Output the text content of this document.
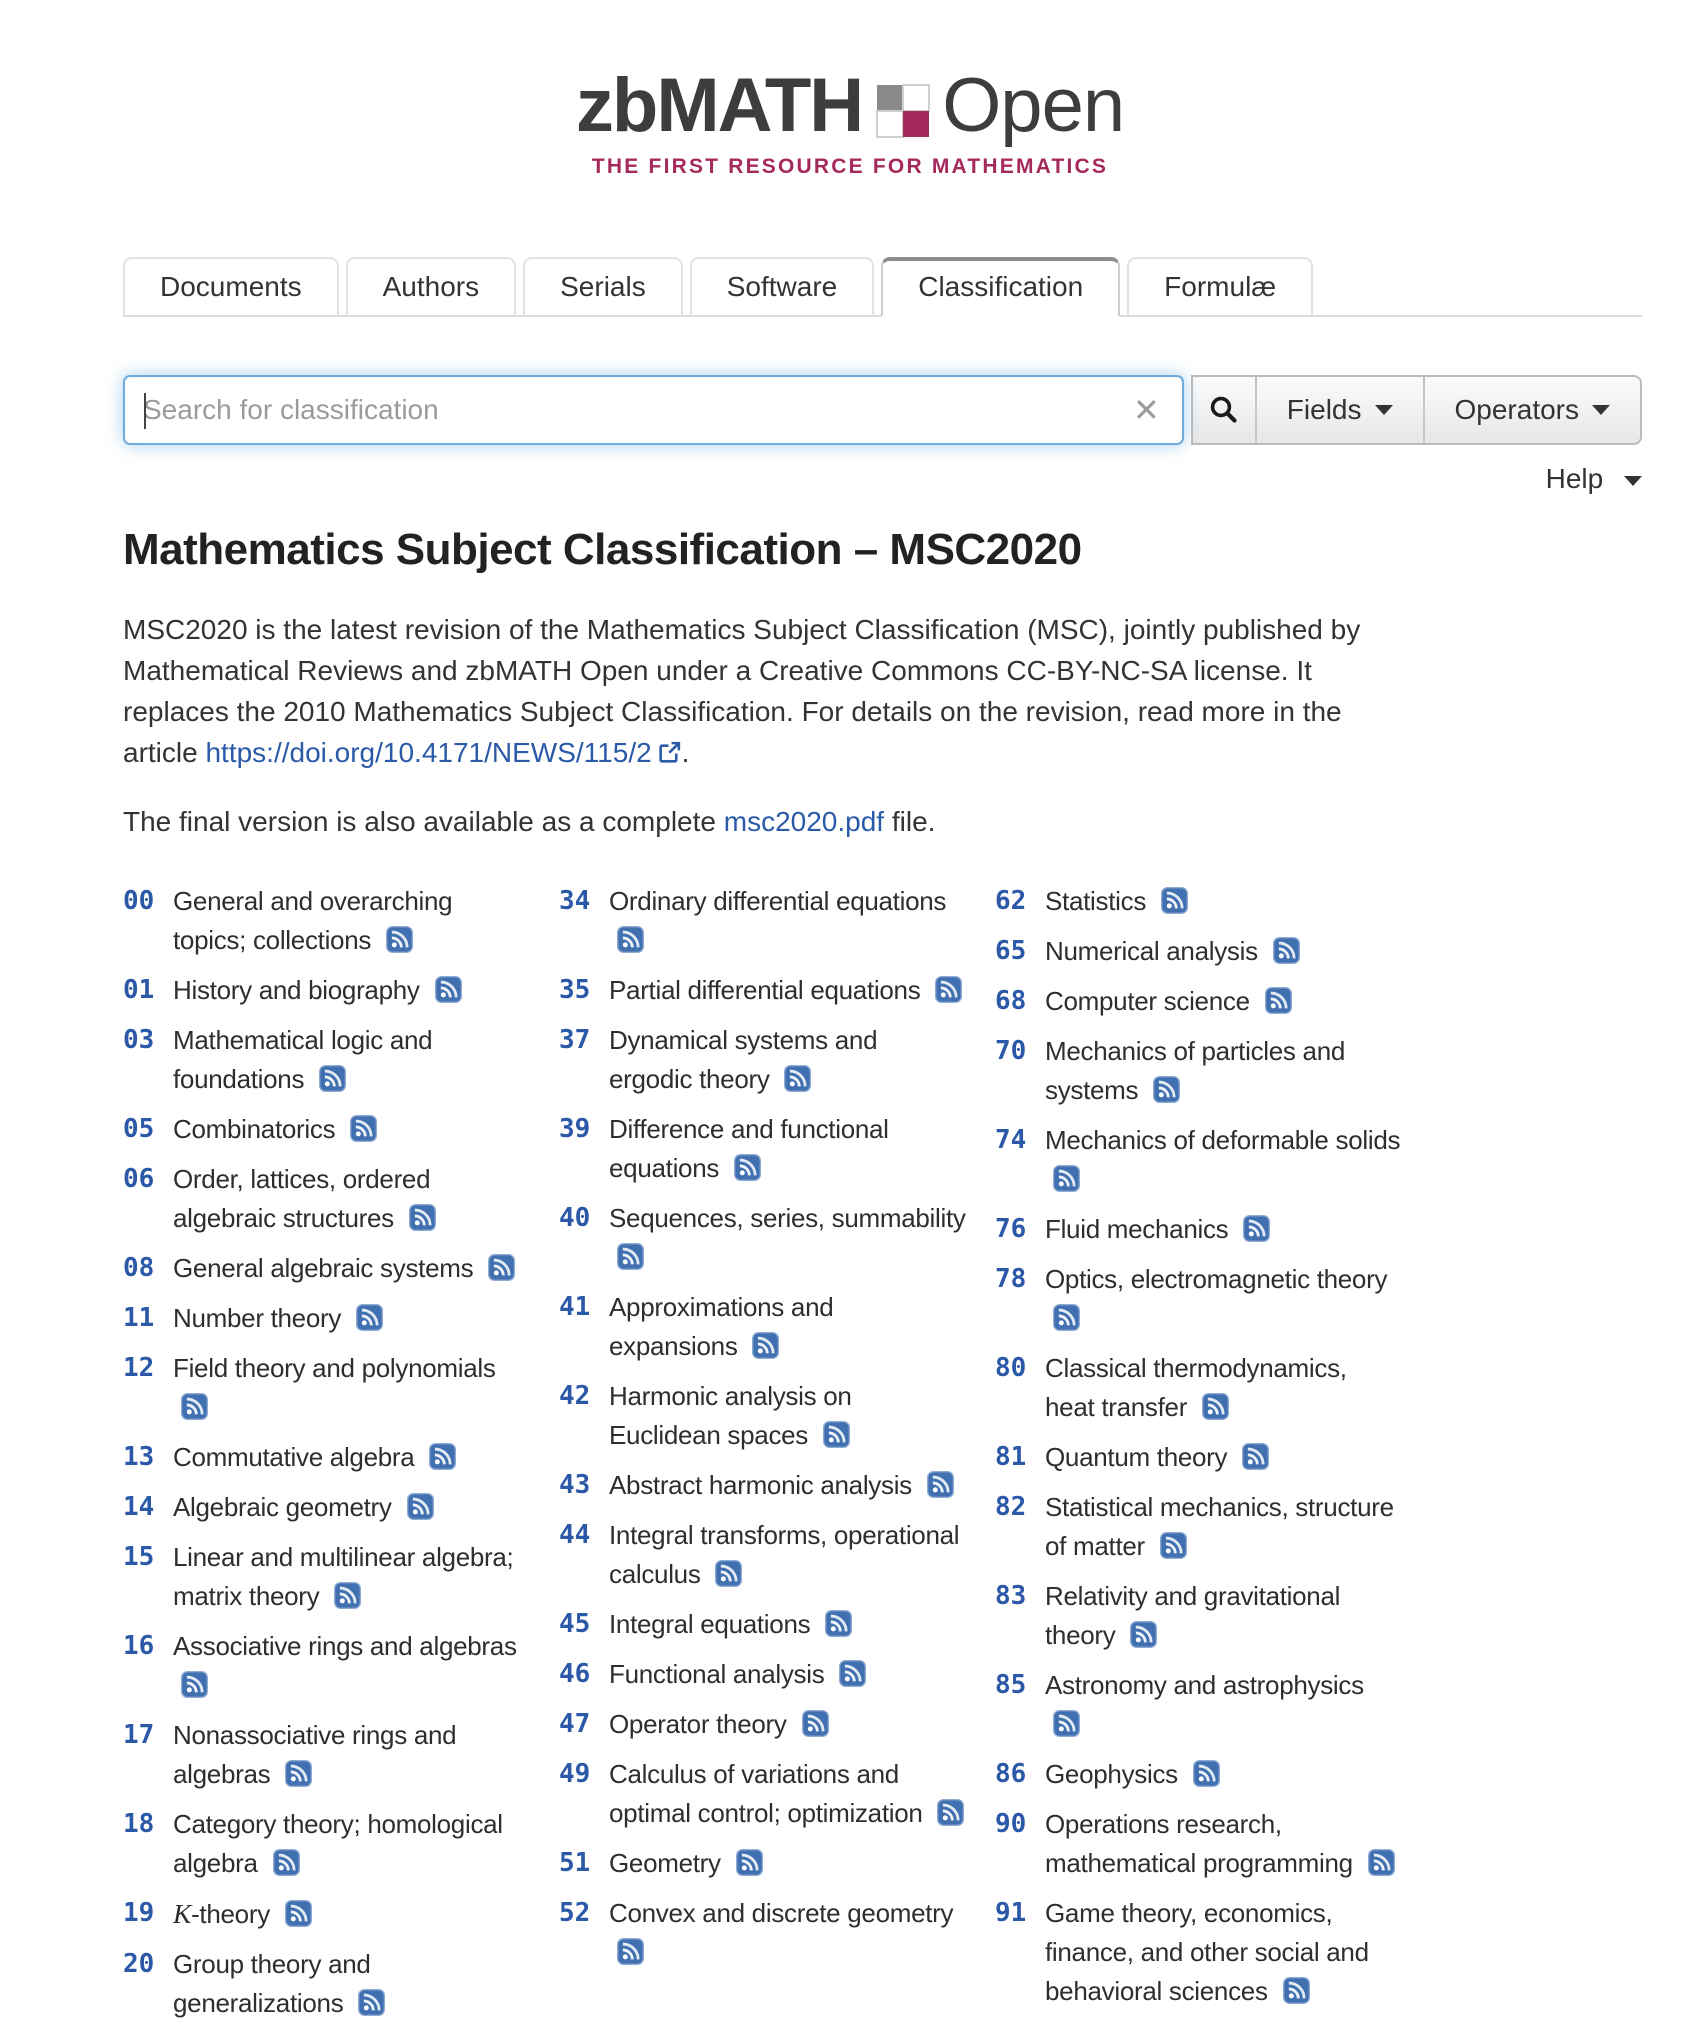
zbMATH Open
THE FIRST RESOURCE FOR MATHEMATICS
Documents	Authors	Serials	Software	Classification	Formulæ
Search for classification
✕	Fields	Operators
Help
Mathematics Subject Classification – MSC2020

MSC2020 is the latest revision of the Mathematics Subject Classification (MSC), jointly published by Mathematical Reviews and zbMATH Open under a Creative Commons CC-BY-NC-SA license. It replaces the 2010 Mathematics Subject Classification. For details on the revision, read more in the article https://doi.org/10.4171/NEWS/115/2 .

The final version is also available as a complete msc2020.pdf file.

00 General and overarching topics; collections
01 History and biography
03 Mathematical logic and foundations
05 Combinatorics
06 Order, lattices, ordered algebraic structures
08 General algebraic systems
11 Number theory
12 Field theory and polynomials
13 Commutative algebra
14 Algebraic geometry
15 Linear and multilinear algebra; matrix theory
16 Associative rings and algebras
17 Nonassociative rings and algebras
18 Category theory; homological algebra
19 K-theory
20 Group theory and generalizations
34 Ordinary differential equations
35 Partial differential equations
37 Dynamical systems and ergodic theory
39 Difference and functional equations
40 Sequences, series, summability
41 Approximations and expansions
42 Harmonic analysis on Euclidean spaces
43 Abstract harmonic analysis
44 Integral transforms, operational calculus
45 Integral equations
46 Functional analysis
47 Operator theory
49 Calculus of variations and optimal control; optimization
51 Geometry
52 Convex and discrete geometry
62 Statistics
65 Numerical analysis
68 Computer science
70 Mechanics of particles and systems
74 Mechanics of deformable solids
76 Fluid mechanics
78 Optics, electromagnetic theory
80 Classical thermodynamics, heat transfer
81 Quantum theory
82 Statistical mechanics, structure of matter
83 Relativity and gravitational theory
85 Astronomy and astrophysics
86 Geophysics
90 Operations research, mathematical programming
91 Game theory, economics, finance, and other social and behavioral sciences
